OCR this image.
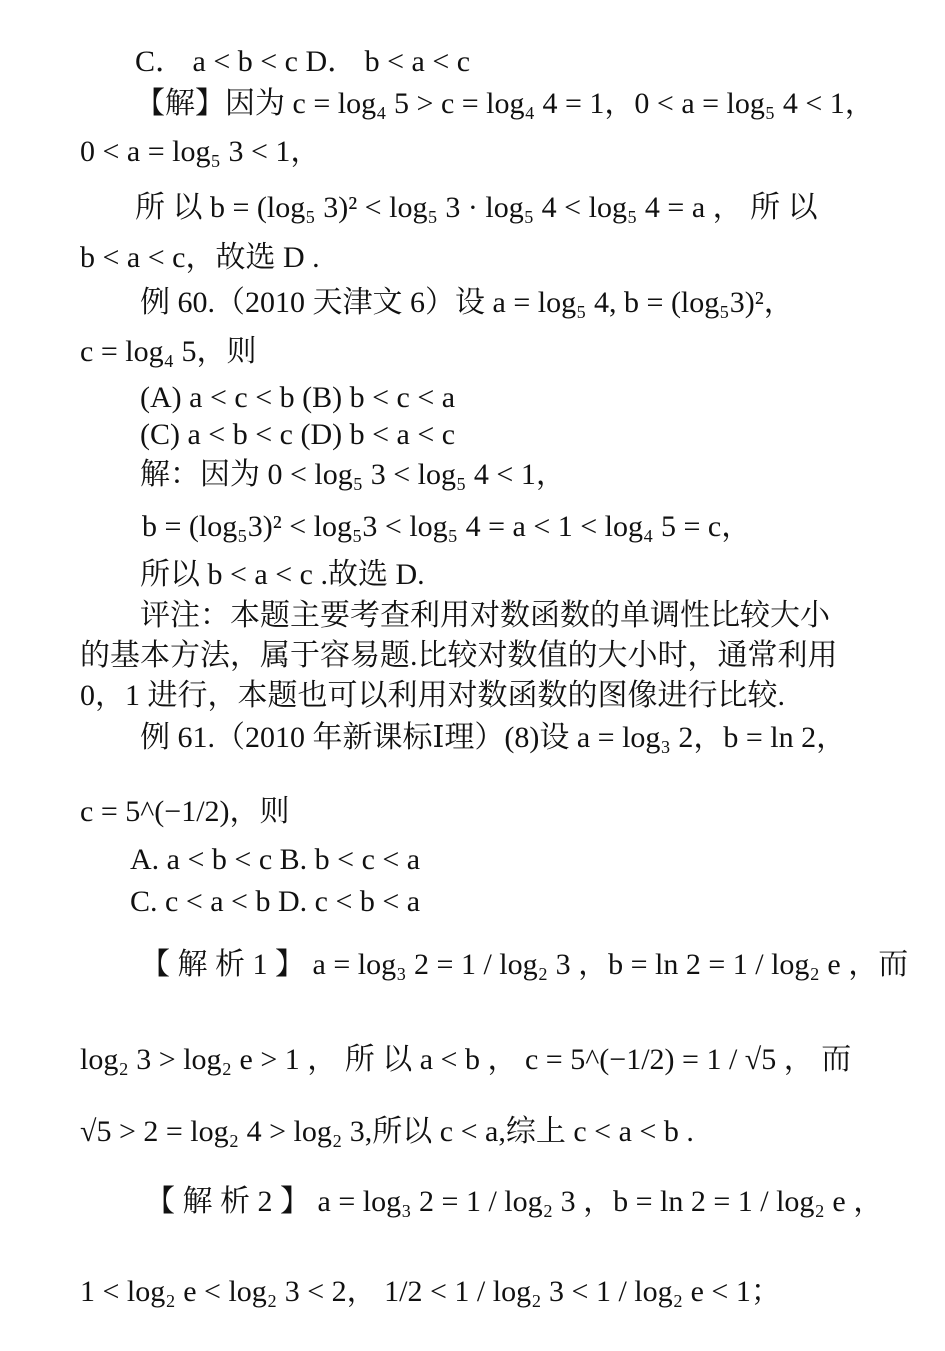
C． a < b < c D． b < a < c
【解】因为 c = log₄ 5 > c = log₄ 4 = 1，0 < a = log₅ 4 < 1，
0 < a = log₅ 3 < 1，
所 以 b = (log₅ 3)² < log₅ 3 · log₅ 4 < log₅ 4 = a ， 所 以
b < a < c，故选 D .
例 60.（2010 天津文 6）设 a = log₅ 4, b = (log₅3)²，
c = log₄ 5，则
(A) a < c < b (B) b < c < a
(C) a < b < c (D) b < a < c
解：因为 0 < log₅ 3 < log₅ 4 < 1，
b = (log₅3)² < log₅3 < log₅ 4 = a < 1 < log₄ 5 = c，
所以 b < a < c .故选 D.
评注：本题主要考查利用对数函数的单调性比较大小
的基本方法，属于容易题.比较对数值的大小时，通常利用
0，1 进行，本题也可以利用对数函数的图像进行比较.
例 61.（2010 年新课标Ⅰ理）(8)设 a = log₃ 2，b = ln 2，
c = 5^(−1/2)，则
A. a < b < c B. b < c < a
C. c < a < b D. c < b < a
【 解 析 1 】 a = log₃ 2 = 1 / log₂ 3 ，b = ln 2 = 1 / log₂ e ，而
log₂ 3 > log₂ e > 1 ， 所 以 a < b ， c = 5^(−1/2) = 1 / √5 ， 而
√5 > 2 = log₂ 4 > log₂ 3,所以 c < a,综上 c < a < b .
【 解 析 2 】 a = log₃ 2 = 1 / log₂ 3 ，b = ln 2 = 1 / log₂ e ，
1 < log₂ e < log₂ 3 < 2， 1/2 < 1 / log₂ 3 < 1 / log₂ e < 1；
